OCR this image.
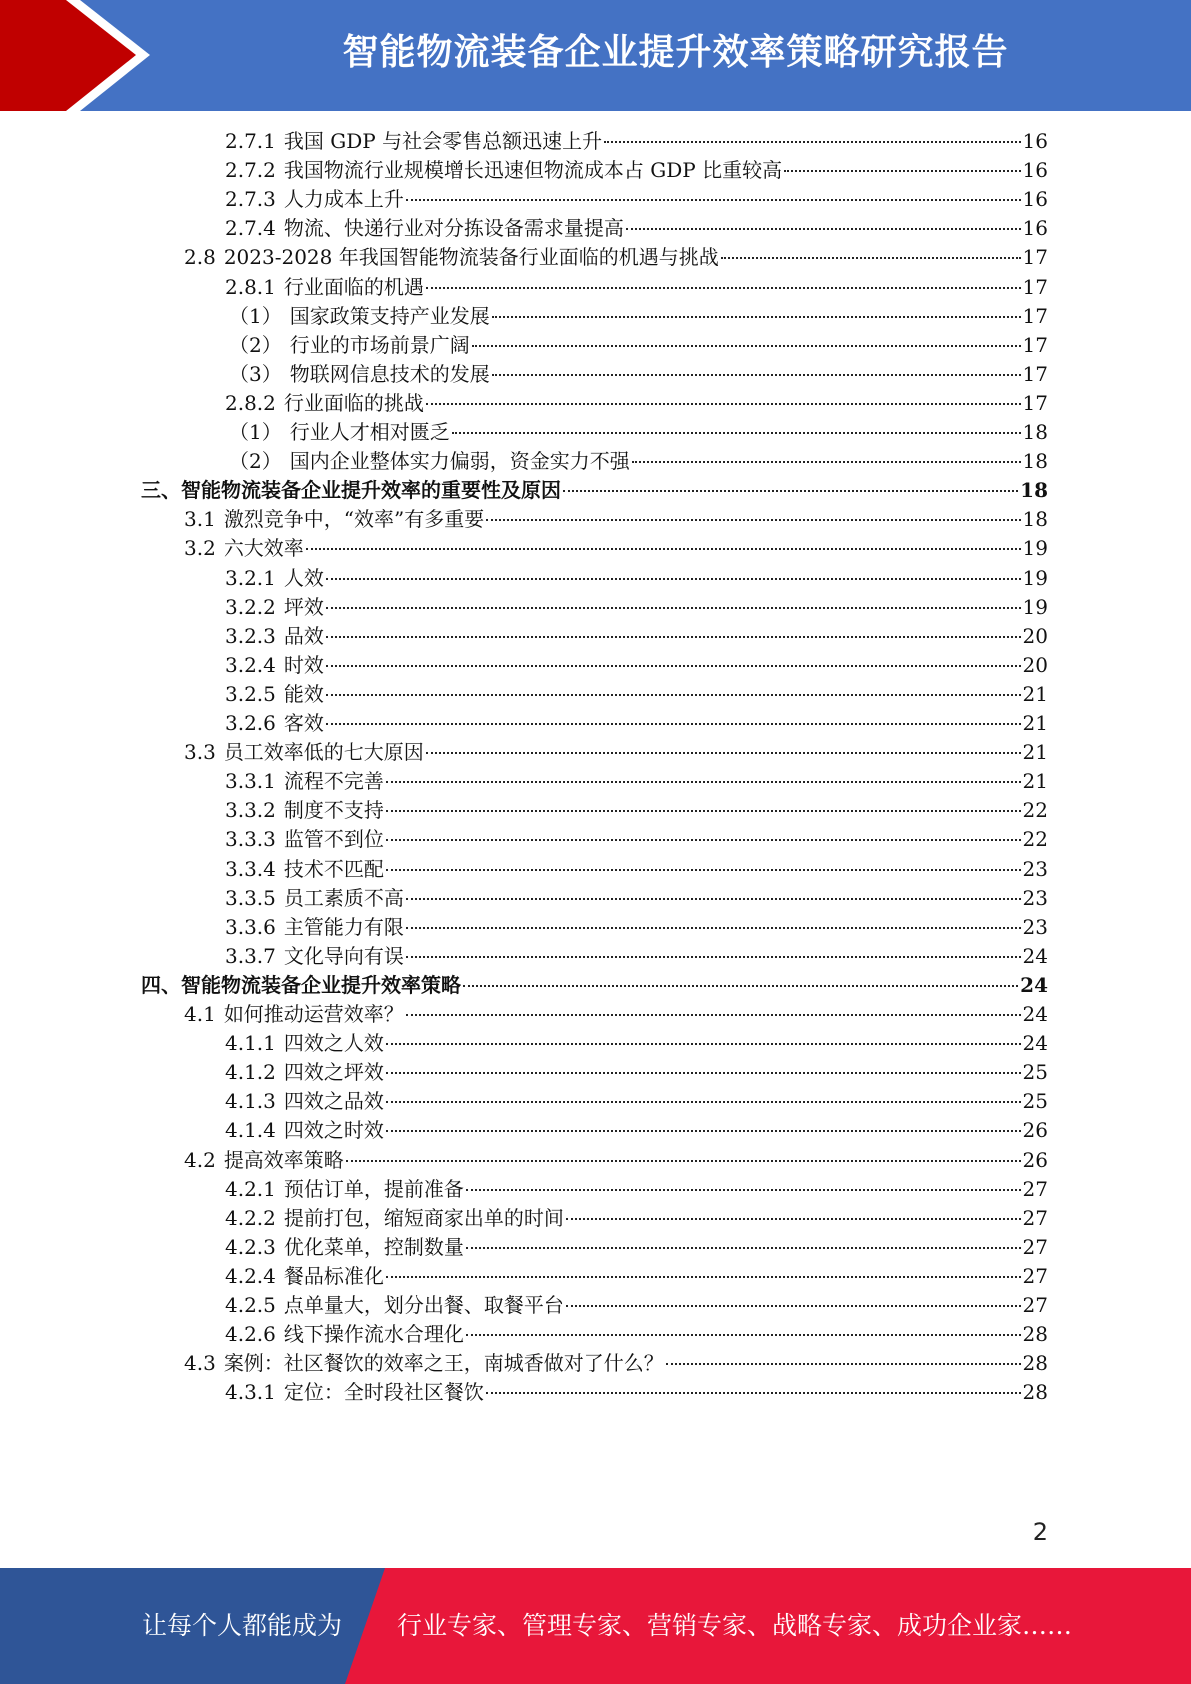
智能物流装备企业提升效率策略研究报告
2.7.1 我国 GDP 与社会零售总额迅速上升	16
2.7.2 我国物流行业规模增长迅速但物流成本占 GDP 比重较高	16
2.7.3 人力成本上升	16
2.7.4 物流、快递行业对分拣设备需求量提高	16
2.8 2023-2028 年我国智能物流装备行业面临的机遇与挑战	17
2.8.1 行业面临的机遇	17
（1） 国家政策支持产业发展	17
（2） 行业的市场前景广阔	17
（3） 物联网信息技术的发展	17
2.8.2 行业面临的挑战	17
（1） 行业人才相对匮乏	18
（2） 国内企业整体实力偏弱，资金实力不强	18
三、 智能物流装备企业提升效率的重要性及原因	18
3.1 激烈竞争中，“效率”有多重要	18
3.2 六大效率	19
3.2.1 人效	19
3.2.2 坪效	19
3.2.3 品效	20
3.2.4 时效	20
3.2.5 能效	21
3.2.6 客效	21
3.3 员工效率低的七大原因	21
3.3.1 流程不完善	21
3.3.2 制度不支持	22
3.3.3 监管不到位	22
3.3.4 技术不匹配	23
3.3.5 员工素质不高	23
3.3.6 主管能力有限	23
3.3.7 文化导向有误	24
四、 智能物流装备企业提升效率策略	24
4.1 如何推动运营效率？	24
4.1.1 四效之人效	24
4.1.2 四效之坪效	25
4.1.3 四效之品效	25
4.1.4 四效之时效	26
4.2 提高效率策略	26
4.2.1 预估订单，提前准备	27
4.2.2 提前打包，缩短商家出单的时间	27
4.2.3 优化菜单，控制数量	27
4.2.4 餐品标准化	27
4.2.5 点单量大，划分出餐、取餐平台	27
4.2.6 线下操作流水合理化	28
4.3 案例：社区餐饮的效率之王，南城香做对了什么？	28
4.3.1 定位：全时段社区餐饮	28
2
让每个人都能成为 行业专家、管理专家、营销专家、战略专家、成功企业家……
